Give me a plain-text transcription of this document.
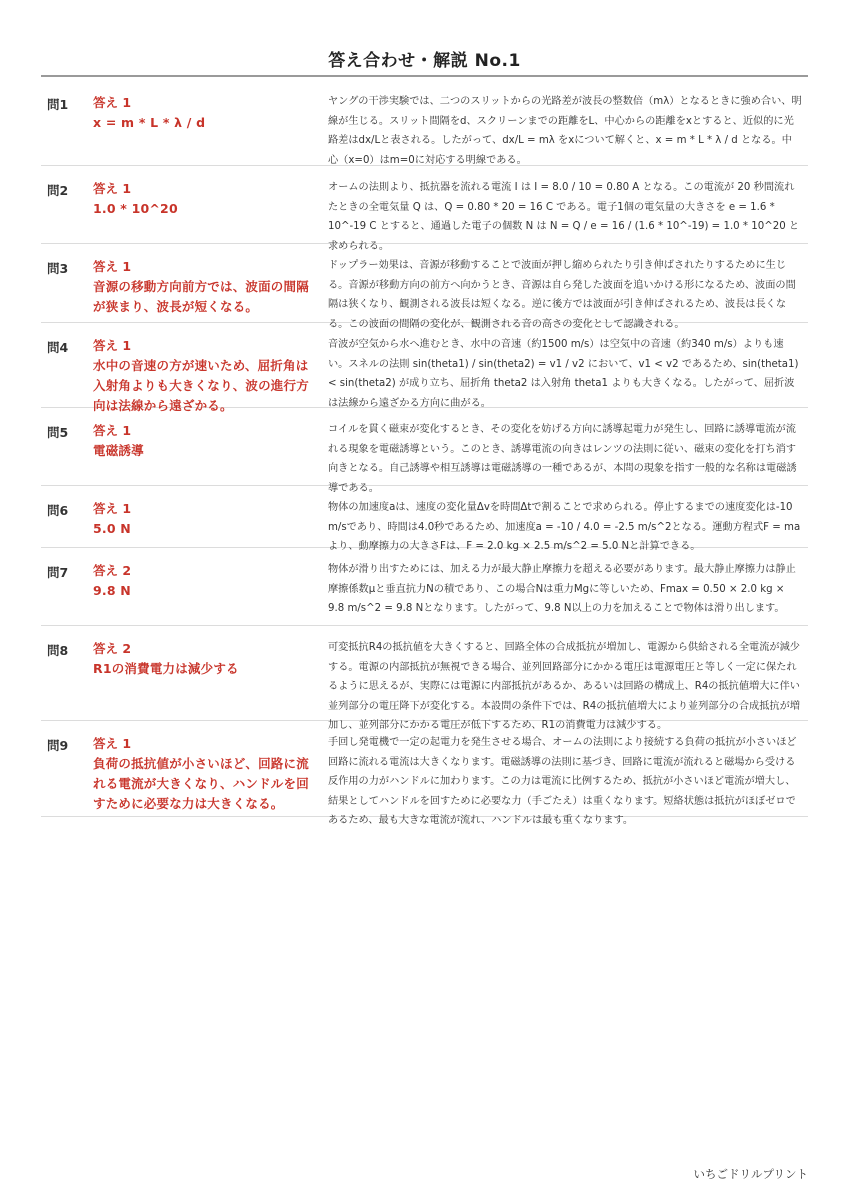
答え合わせ・解説 No.1
問1 答え 1
x = m * L * λ / d
ヤングの干渉実験では、二つのスリットからの光路差が波長の整数倍（mλ）となるときに強め合い、明線が生じる。スリット間隔をd、スクリーンまでの距離をL、中心からの距離をxとすると、近似的に光路差はdx/Lと表される。したがって、dx/L = mλ をxについて解くと、x = m * L * λ / d となる。中心（x=0）はm=0に対応する明線である。
問2 答え 1
1.0 * 10^20
オームの法則より、抵抗器を流れる電流 I は I = 8.0 / 10 = 0.80 A となる。この電流が 20 秒間流れたときの全電気量 Q は、Q = 0.80 * 20 = 16 C である。電子1個の電気量の大きさを e = 1.6 * 10^-19 C とすると、通過した電子の個数 N は N = Q / e = 16 / (1.6 * 10^-19) = 1.0 * 10^20 と求められる。
問3 答え 1
音源の移動方向前方では、波面の間隔が狭まり、波長が短くなる。
ドップラー効果は、音源が移動することで波面が押し縮められたり引き伸ばされたりするために生じる。音源が移動方向の前方へ向かうとき、音源は自ら発した波面を追いかける形になるため、波面の間隔は狭くなり、観測される波長は短くなる。逆に後方では波面が引き伸ばされるため、波長は長くなる。この波面の間隔の変化が、観測される音の高さの変化として認識される。
問4 答え 1
水中の音速の方が速いため、屈折角は入射角よりも大きくなり、波の進行方向は法線から遠ざかる。
音波が空気から水へ進むとき、水中の音速（約1500 m/s）は空気中の音速（約340 m/s）よりも速い。スネルの法則 sin(theta1) / sin(theta2) = v1 / v2 において、v1 < v2 であるため、sin(theta1) < sin(theta2) が成り立ち、屈折角 theta2 は入射角 theta1 よりも大きくなる。したがって、屈折波は法線から遠ざかる方向に曲がる。
問5 答え 1
電磁誘導
コイルを貫く磁束が変化するとき、その変化を妨げる方向に誘導起電力が発生し、回路に誘導電流が流れる現象を電磁誘導という。このとき、誘導電流の向きはレンツの法則に従い、磁束の変化を打ち消す向きとなる。自己誘導や相互誘導は電磁誘導の一種であるが、本問の現象を指す一般的な名称は電磁誘導である。
問6 答え 1
5.0 N
物体の加速度aは、速度の変化量Δvを時間Δtで割ることで求められる。停止するまでの速度変化は-10 m/sであり、時間は4.0秒であるため、加速度a = -10 / 4.0 = -2.5 m/s^2となる。運動方程式F = maより、動摩擦力の大きさFは、F = 2.0 kg × 2.5 m/s^2 = 5.0 Nと計算できる。
問7 答え 2
9.8 N
物体が滑り出すためには、加える力が最大静止摩擦力を超える必要があります。最大静止摩擦力は静止摩擦係数μと垂直抗力Nの積であり、この場合Nは重力Mgに等しいため、Fmax = 0.50 × 2.0 kg × 9.8 m/s^2 = 9.8 Nとなります。したがって、9.8 N以上の力を加えることで物体は滑り出します。
問8 答え 2
R1の消費電力は減少する
可変抵抗R4の抵抗値を大きくすると、回路全体の合成抵抗が増加し、電源から供給される全電流が減少する。電源の内部抵抗が無視できる場合、並列回路部分にかかる電圧は電源電圧と等しく一定に保たれるように思えるが、実際には電源に内部抵抗があるか、あるいは回路の構成上、R4の抵抗値増大に伴い並列部分の電圧降下が変化する。本設問の条件下では、R4の抵抗値増大により並列部分の合成抵抗が増加し、並列部分にかかる電圧が低下するため、R1の消費電力は減少する。
問9 答え 1
負荷の抵抗値が小さいほど、回路に流れる電流が大きくなり、ハンドルを回すために必要な力は大きくなる。
手回し発電機で一定の起電力を発生させる場合、オームの法則により接続する負荷の抵抗が小さいほど回路に流れる電流は大きくなります。電磁誘導の法則に基づき、回路に電流が流れると磁場から受ける反作用の力がハンドルに加わります。この力は電流に比例するため、抵抗が小さいほど電流が増大し、結果としてハンドルを回すために必要な力（手ごたえ）は重くなります。短絡状態は抵抗がほぼゼロであるため、最も大きな電流が流れ、ハンドルは最も重くなります。
いちごドリルプリント
